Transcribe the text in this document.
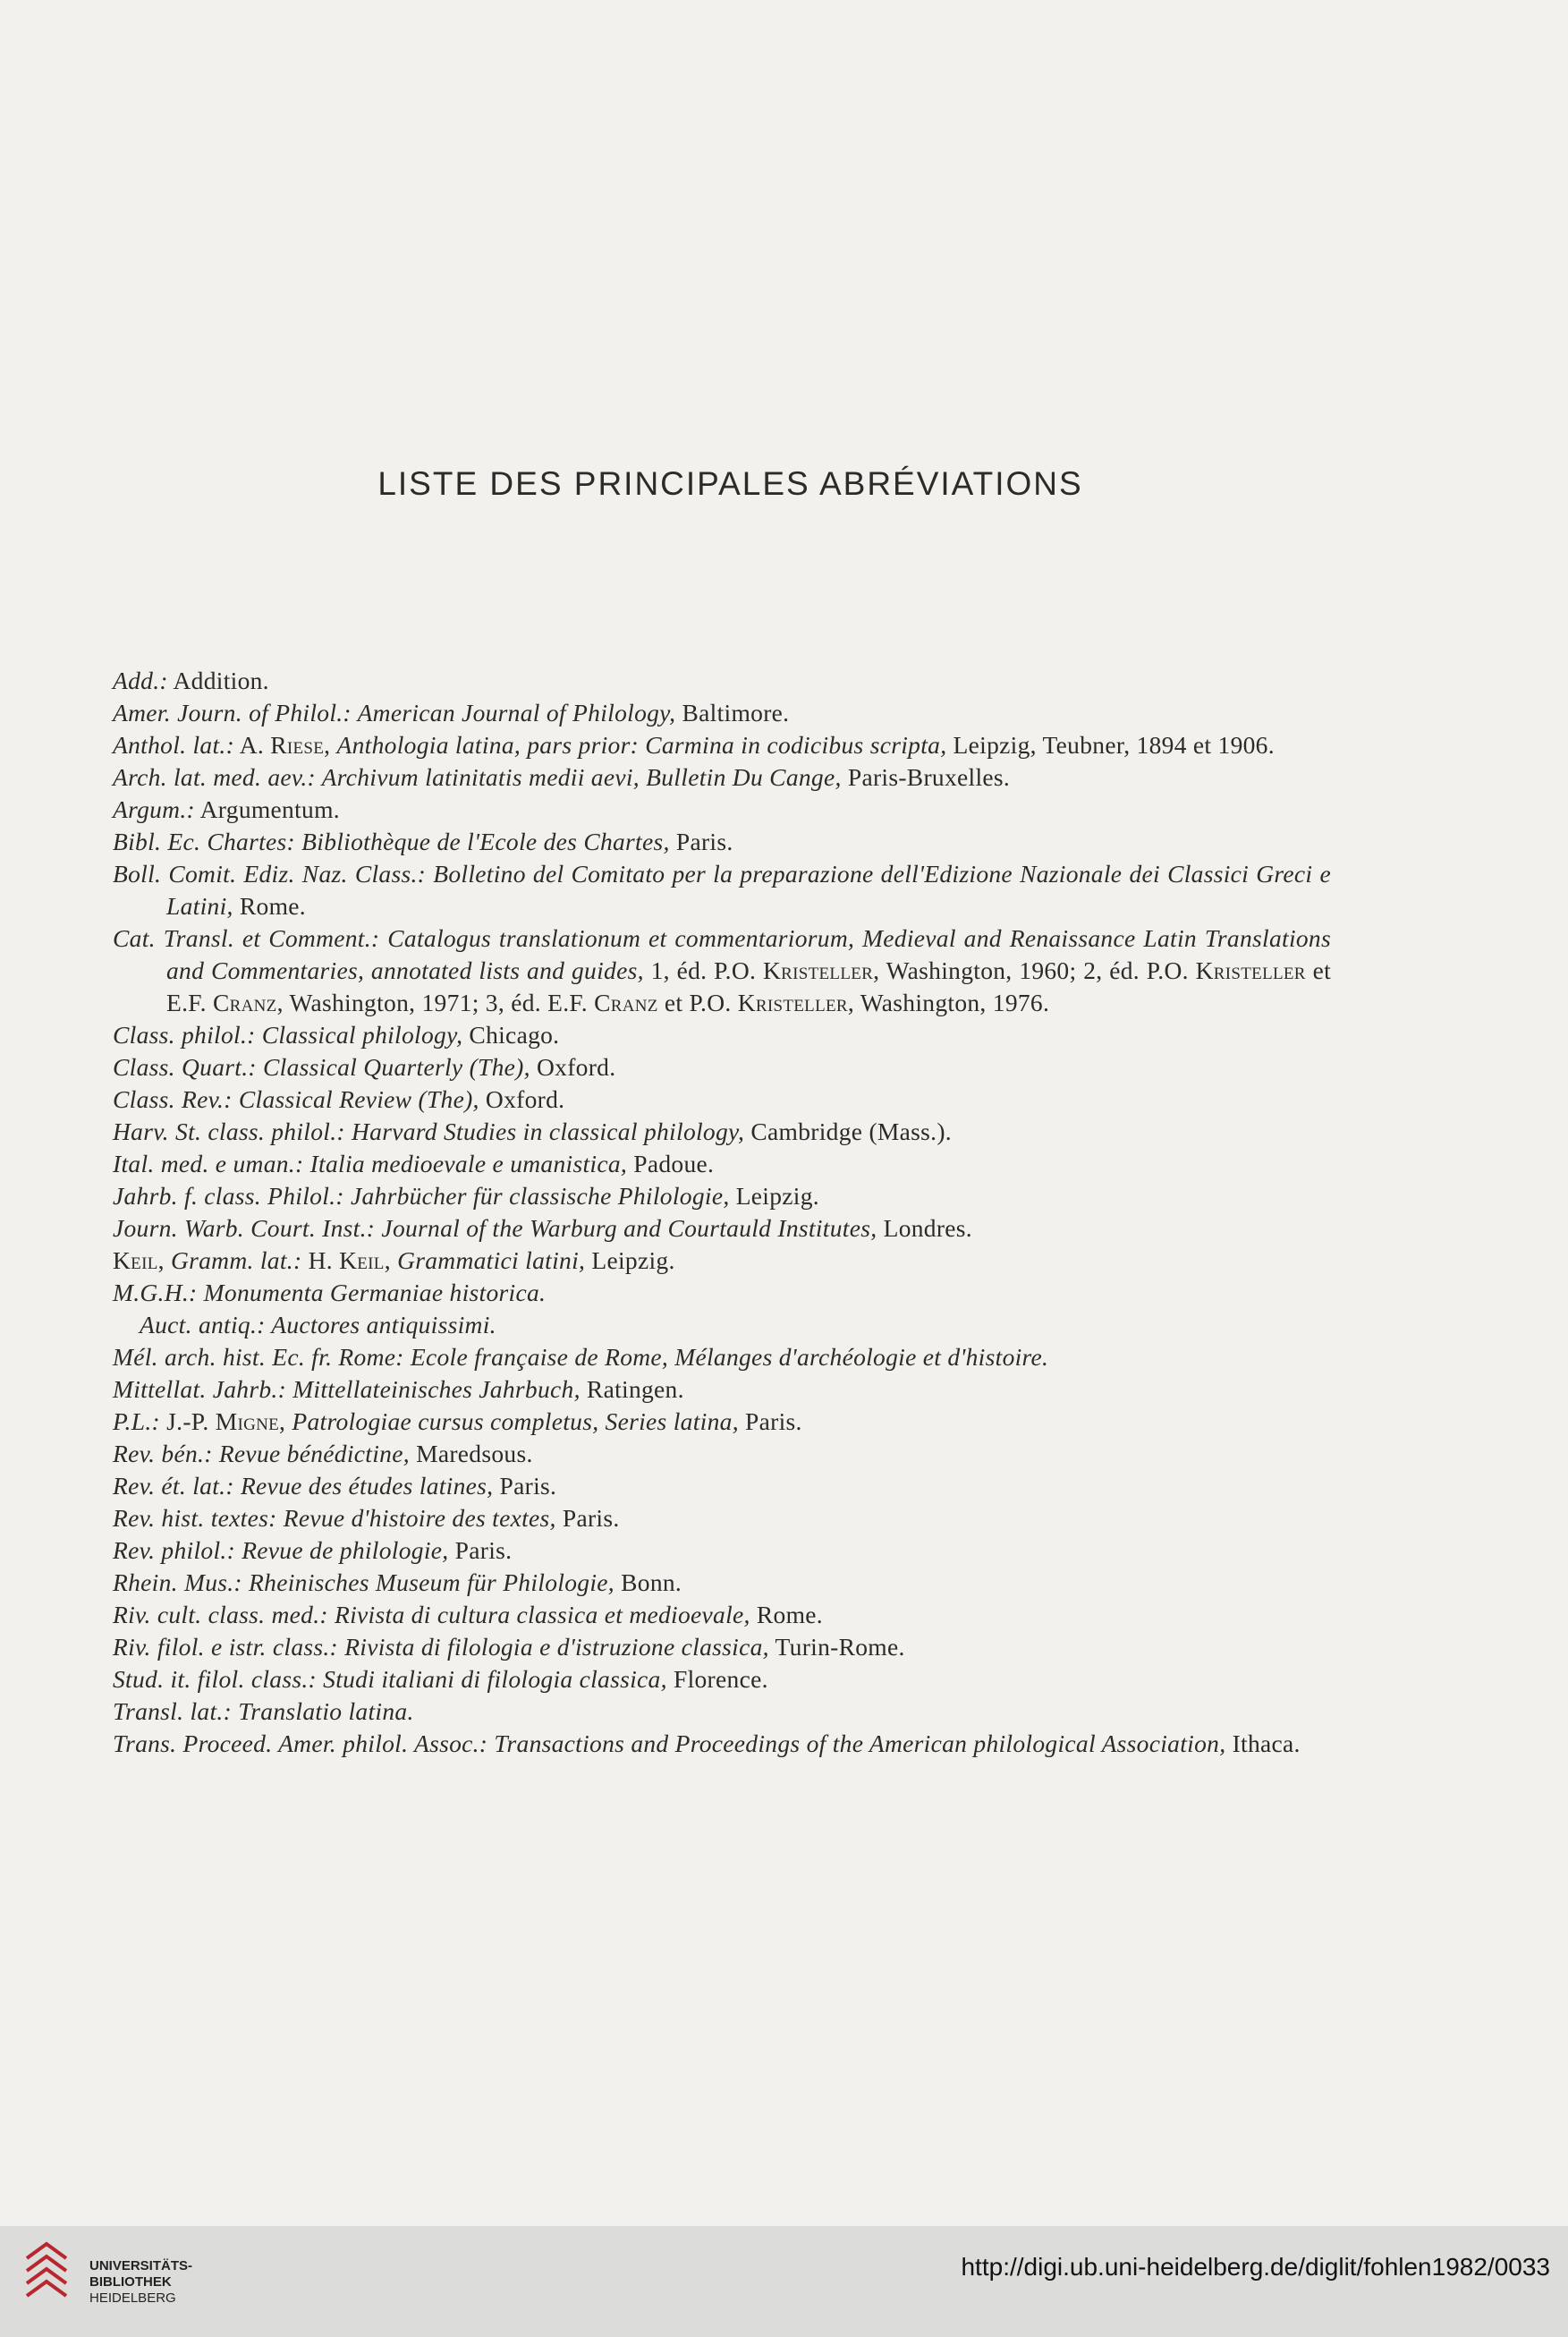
LISTE DES PRINCIPALES ABRÉVIATIONS
Add.: Addition.
Amer. Journ. of Philol.: American Journal of Philology, Baltimore.
Anthol. lat.: A. Riese, Anthologia latina, pars prior: Carmina in codicibus scripta, Leipzig, Teubner, 1894 et 1906.
Arch. lat. med. aev.: Archivum latinitatis medii aevi, Bulletin Du Cange, Paris-Bruxelles.
Argum.: Argumentum.
Bibl. Ec. Chartes: Bibliothèque de l'Ecole des Chartes, Paris.
Boll. Comit. Ediz. Naz. Class.: Bolletino del Comitato per la preparazione dell'Edizione Nazionale dei Classici Greci e Latini, Rome.
Cat. Transl. et Comment.: Catalogus translationum et commentariorum, Medieval and Renaissance Latin Translations and Commentaries, annotated lists and guides, 1, éd. P.O. Kristeller, Washington, 1960; 2, éd. P.O. Kristeller et E.F. Cranz, Washington, 1971; 3, éd. E.F. Cranz et P.O. Kristeller, Washington, 1976.
Class. philol.: Classical philology, Chicago.
Class. Quart.: Classical Quarterly (The), Oxford.
Class. Rev.: Classical Review (The), Oxford.
Harv. St. class. philol.: Harvard Studies in classical philology, Cambridge (Mass.).
Ital. med. e uman.: Italia medioevale e umanistica, Padoue.
Jahrb. f. class. Philol.: Jahrbücher für classische Philologie, Leipzig.
Journ. Warb. Court. Inst.: Journal of the Warburg and Courtauld Institutes, Londres.
Keil, Gramm. lat.: H. Keil, Grammatici latini, Leipzig.
M.G.H.: Monumenta Germaniae historica.
Auct. antiq.: Auctores antiquissimi.
Mél. arch. hist. Ec. fr. Rome: Ecole française de Rome, Mélanges d'archéologie et d'histoire.
Mittellat. Jahrb.: Mittellateinisches Jahrbuch, Ratingen.
P.L.: J.-P. Migne, Patrologiae cursus completus, Series latina, Paris.
Rev. bén.: Revue bénédictine, Maredsous.
Rev. ét. lat.: Revue des études latines, Paris.
Rev. hist. textes: Revue d'histoire des textes, Paris.
Rev. philol.: Revue de philologie, Paris.
Rhein. Mus.: Rheinisches Museum für Philologie, Bonn.
Riv. cult. class. med.: Rivista di cultura classica et medioevale, Rome.
Riv. filol. e istr. class.: Rivista di filologia e d'istruzione classica, Turin-Rome.
Stud. it. filol. class.: Studi italiani di filologia classica, Florence.
Transl. lat.: Translatio latina.
Trans. Proceed. Amer. philol. Assoc.: Transactions and Proceedings of the American philological Association, Ithaca.
UNIVERSITÄTS-
BIBLIOTHEK
HEIDELBERG
http://digi.ub.uni-heidelberg.de/diglit/fohlen1982/0033
